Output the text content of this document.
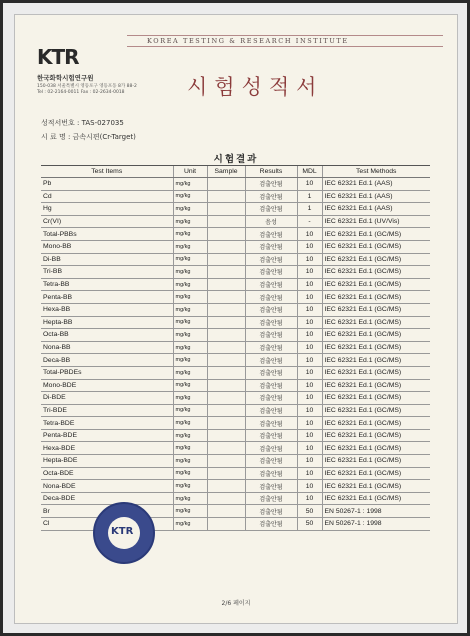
KOREA TESTING & RESEARCH INSTITUTE
KTR
한국화학시험연구원
150-038 서울특별시 영등포구 영등포동 8가 88-2
Tel : 02-2164-0011 Fax : 02-2634-0018	시험성적서
성적서번호 : TAS-027035
시 료 명 : 금속시편(Cr-Target)
시험결과
Test Items	Unit	Sample	Results	MDL	Test Methods
Pb	mg/kg		검출안됨	10	IEC 62321 Ed.1 (AAS)
Cd	mg/kg		검출안됨	1	IEC 62321 Ed.1 (AAS)
Hg	mg/kg		검출안됨	1	IEC 62321 Ed.1 (AAS)
Cr(VI)	mg/kg		음성	-	IEC 62321 Ed.1 (UV/Vis)
Total-PBBs	mg/kg		검출안됨	10	IEC 62321 Ed.1 (GC/MS)
Mono-BB	mg/kg		검출안됨	10	IEC 62321 Ed.1 (GC/MS)
Di-BB	mg/kg		검출안됨	10	IEC 62321 Ed.1 (GC/MS)
Tri-BB	mg/kg		검출안됨	10	IEC 62321 Ed.1 (GC/MS)
Tetra-BB	mg/kg		검출안됨	10	IEC 62321 Ed.1 (GC/MS)
Penta-BB	mg/kg		검출안됨	10	IEC 62321 Ed.1 (GC/MS)
Hexa-BB	mg/kg		검출안됨	10	IEC 62321 Ed.1 (GC/MS)
Hepta-BB	mg/kg		검출안됨	10	IEC 62321 Ed.1 (GC/MS)
Octa-BB	mg/kg		검출안됨	10	IEC 62321 Ed.1 (GC/MS)
Nona-BB	mg/kg		검출안됨	10	IEC 62321 Ed.1 (GC/MS)
Deca-BB	mg/kg		검출안됨	10	IEC 62321 Ed.1 (GC/MS)
Total-PBDEs	mg/kg		검출안됨	10	IEC 62321 Ed.1 (GC/MS)
Mono-BDE	mg/kg		검출안됨	10	IEC 62321 Ed.1 (GC/MS)
Di-BDE	mg/kg		검출안됨	10	IEC 62321 Ed.1 (GC/MS)
Tri-BDE	mg/kg		검출안됨	10	IEC 62321 Ed.1 (GC/MS)
Tetra-BDE	mg/kg		검출안됨	10	IEC 62321 Ed.1 (GC/MS)
Penta-BDE	mg/kg		검출안됨	10	IEC 62321 Ed.1 (GC/MS)
Hexa-BDE	mg/kg		검출안됨	10	IEC 62321 Ed.1 (GC/MS)
Hepta-BDE	mg/kg		검출안됨	10	IEC 62321 Ed.1 (GC/MS)
Octa-BDE	mg/kg		검출안됨	10	IEC 62321 Ed.1 (GC/MS)
Nona-BDE	mg/kg		검출안됨	10	IEC 62321 Ed.1 (GC/MS)
Deca-BDE	mg/kg		검출안됨	10	IEC 62321 Ed.1 (GC/MS)
Br	mg/kg		검출안됨	50	EN 50267-1 : 1998
Cl	mg/kg		검출안됨	50	EN 50267-1 : 1998
KTR
2/6 페이지
